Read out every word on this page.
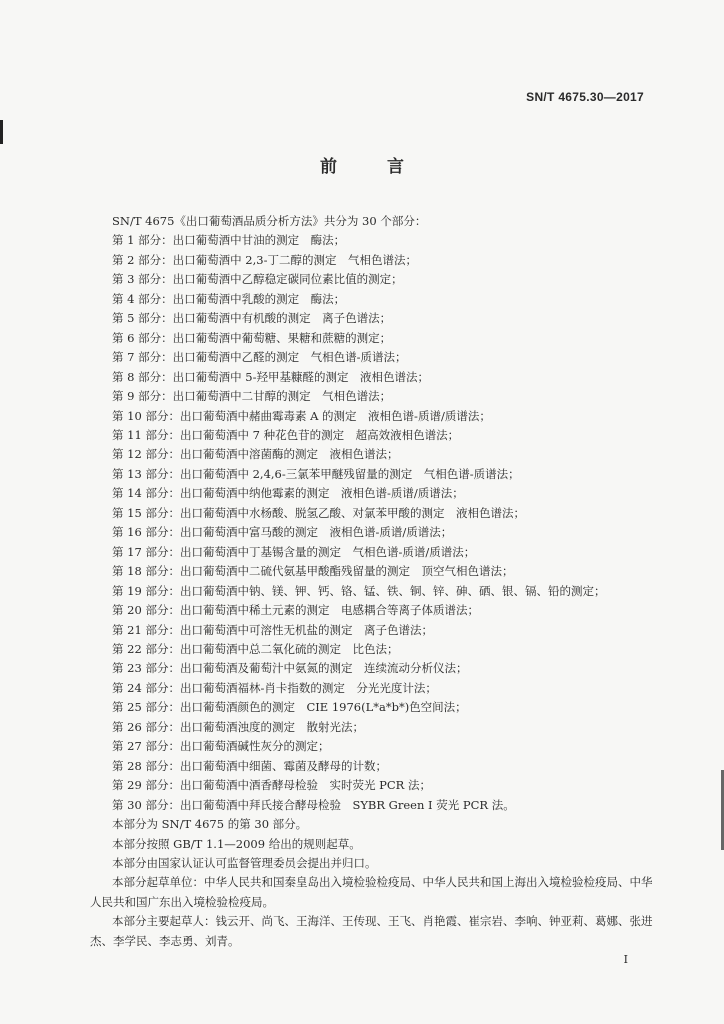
SN/T 4675.30—2017
前 言
SN/T 4675《出口葡萄酒品质分析方法》共分为 30 个部分：
第 1 部分：出口葡萄酒中甘油的测定　酶法；
第 2 部分：出口葡萄酒中 2,3-丁二醇的测定　气相色谱法；
第 3 部分：出口葡萄酒中乙醇稳定碳同位素比值的测定；
第 4 部分：出口葡萄酒中乳酸的测定　酶法；
第 5 部分：出口葡萄酒中有机酸的测定　离子色谱法；
第 6 部分：出口葡萄酒中葡萄糖、果糖和蔗糖的测定；
第 7 部分：出口葡萄酒中乙醛的测定　气相色谱-质谱法；
第 8 部分：出口葡萄酒中 5-羟甲基糠醛的测定　液相色谱法；
第 9 部分：出口葡萄酒中二甘醇的测定　气相色谱法；
第 10 部分：出口葡萄酒中赭曲霉毒素 A 的测定　液相色谱-质谱/质谱法；
第 11 部分：出口葡萄酒中 7 种花色苷的测定　超高效液相色谱法；
第 12 部分：出口葡萄酒中溶菌酶的测定　液相色谱法；
第 13 部分：出口葡萄酒中 2,4,6-三氯苯甲醚残留量的测定　气相色谱-质谱法；
第 14 部分：出口葡萄酒中纳他霉素的测定　液相色谱-质谱/质谱法；
第 15 部分：出口葡萄酒中水杨酸、脱氢乙酸、对氯苯甲酸的测定　液相色谱法；
第 16 部分：出口葡萄酒中富马酸的测定　液相色谱-质谱/质谱法；
第 17 部分：出口葡萄酒中丁基锡含量的测定　气相色谱-质谱/质谱法；
第 18 部分：出口葡萄酒中二硫代氨基甲酸酯残留量的测定　顶空气相色谱法；
第 19 部分：出口葡萄酒中钠、镁、钾、钙、铬、锰、铁、铜、锌、砷、硒、银、镉、铅的测定；
第 20 部分：出口葡萄酒中稀土元素的测定　电感耦合等离子体质谱法；
第 21 部分：出口葡萄酒中可溶性无机盐的测定　离子色谱法；
第 22 部分：出口葡萄酒中总二氧化硫的测定　比色法；
第 23 部分：出口葡萄酒及葡萄汁中氨氮的测定　连续流动分析仪法；
第 24 部分：出口葡萄酒福林-肖卡指数的测定　分光光度计法；
第 25 部分：出口葡萄酒颜色的测定　CIE 1976(L*a*b*)色空间法；
第 26 部分：出口葡萄酒浊度的测定　散射光法；
第 27 部分：出口葡萄酒碱性灰分的测定；
第 28 部分：出口葡萄酒中细菌、霉菌及酵母的计数；
第 29 部分：出口葡萄酒中酒香酵母检验　实时荧光 PCR 法；
第 30 部分：出口葡萄酒中拜氏接合酵母检验　SYBR Green I 荧光 PCR 法。
本部分为 SN/T 4675 的第 30 部分。
本部分按照 GB/T 1.1—2009 给出的规则起草。
本部分由国家认证认可监督管理委员会提出并归口。
本部分起草单位：中华人民共和国秦皇岛出入境检验检疫局、中华人民共和国上海出入境检验检疫局、中华人民共和国广东出入境检验检疫局。
本部分主要起草人：钱云开、尚飞、王海洋、王传现、王飞、肖艳霞、崔宗岩、李响、钟亚莉、葛娜、张进杰、李学民、李志勇、刘青。
I
